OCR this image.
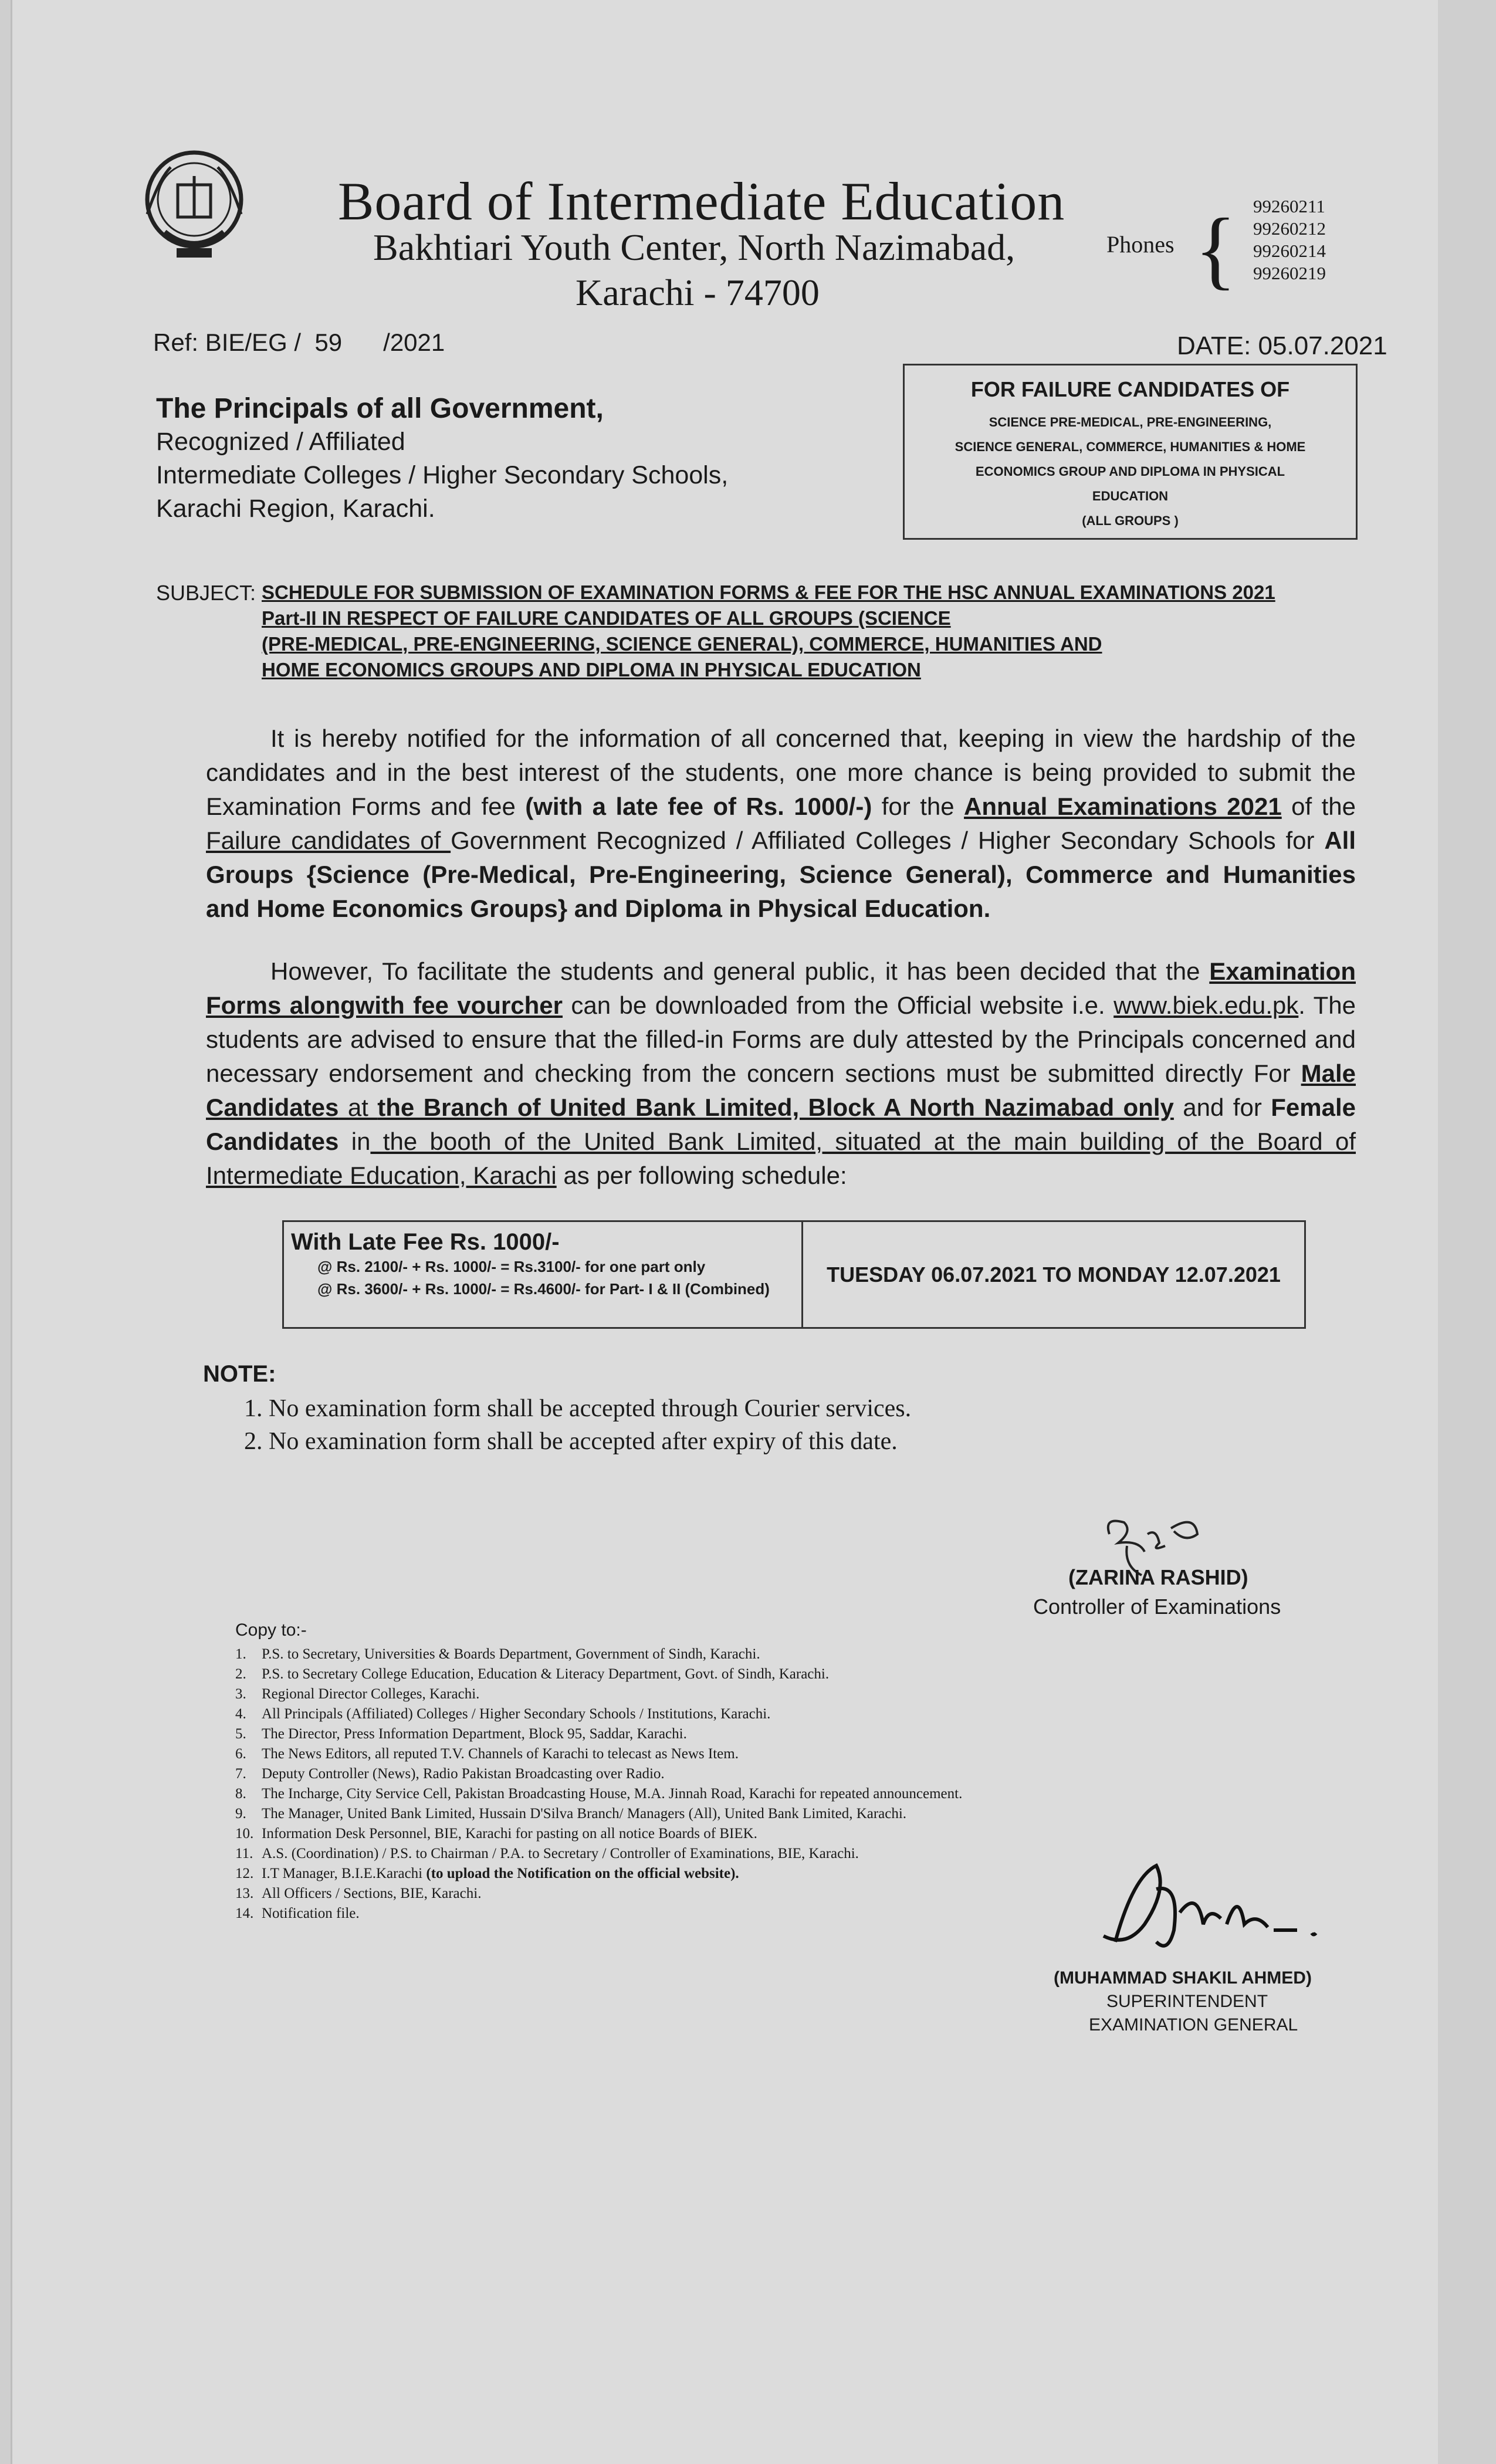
Board of Intermediate Education
Bakhtiari Youth Center, North Nazimabad,
Karachi - 74700
Phones { 99260211
99260212
99260214
99260219
Ref: BIE/EG /  59      /2021	DATE: 05.07.2021
The Principals of all Government,
Recognized / Affiliated
Intermediate Colleges / Higher Secondary Schools,
Karachi Region, Karachi.
FOR FAILURE CANDIDATES OF
SCIENCE PRE-MEDICAL, PRE-ENGINEERING,
SCIENCE GENERAL, COMMERCE, HUMANITIES & HOME
ECONOMICS GROUP AND DIPLOMA IN PHYSICAL
EDUCATION
(ALL GROUPS )
SUBJECT: SCHEDULE FOR SUBMISSION OF EXAMINATION FORMS & FEE FOR THE HSC ANNUAL EXAMINATIONS 2021
Part-II IN RESPECT OF FAILURE CANDIDATES OF ALL GROUPS (SCIENCE
(PRE-MEDICAL, PRE-ENGINEERING, SCIENCE GENERAL), COMMERCE, HUMANITIES AND
HOME ECONOMICS GROUPS AND DIPLOMA IN PHYSICAL EDUCATION
It is hereby notified for the information of all concerned that, keeping in view the hardship of the candidates and in the best interest of the students, one more chance is being provided to submit the Examination Forms and fee (with a late fee of Rs. 1000/-) for the Annual Examinations 2021 of the Failure candidates of Government Recognized / Affiliated Colleges / Higher Secondary Schools for All Groups {Science (Pre-Medical, Pre-Engineering, Science General), Commerce and Humanities and Home Economics Groups} and Diploma in Physical Education.
However, To facilitate the students and general public, it has been decided that the Examination Forms alongwith fee vourcher can be downloaded from the Official website i.e. www.biek.edu.pk. The students are advised to ensure that the filled-in Forms are duly attested by the Principals concerned and necessary endorsement and checking from the concern sections must be submitted directly For Male Candidates at the Branch of United Bank Limited, Block A North Nazimabad only and for Female Candidates in the booth of the United Bank Limited, situated at the main building of the Board of Intermediate Education, Karachi as per following schedule:
With Late Fee Rs. 1000/-
@ Rs. 2100/- + Rs. 1000/- = Rs.3100/- for one part only
@ Rs. 3600/- + Rs. 1000/- = Rs.4600/- for Part- I & II (Combined)
TUESDAY 06.07.2021 TO MONDAY 12.07.2021
NOTE:
1. No examination form shall be accepted through Courier services.
2. No examination form shall be accepted after expiry of this date.
(ZARINA RASHID)
Controller of Examinations
Copy to:-
1. P.S. to Secretary, Universities & Boards Department, Government of Sindh, Karachi.
2. P.S. to Secretary College Education, Education & Literacy Department, Govt. of Sindh, Karachi.
3. Regional Director Colleges, Karachi.
4. All Principals (Affiliated) Colleges / Higher Secondary Schools / Institutions, Karachi.
5. The Director, Press Information Department, Block 95, Saddar, Karachi.
6. The News Editors, all reputed T.V. Channels of Karachi to telecast as News Item.
7. Deputy Controller (News), Radio Pakistan Broadcasting over Radio.
8. The Incharge, City Service Cell, Pakistan Broadcasting House, M.A. Jinnah Road, Karachi for repeated announcement.
9. The Manager, United Bank Limited, Hussain D'Silva Branch/ Managers (All), United Bank Limited, Karachi.
10. Information Desk Personnel, BIE, Karachi for pasting on all notice Boards of BIEK.
11. A.S. (Coordination) / P.S. to Chairman / P.A. to Secretary / Controller of Examinations, BIE, Karachi.
12. I.T Manager, B.I.E.Karachi (to upload the Notification on the official website).
13. All Officers / Sections, BIE, Karachi.
14. Notification file.
(MUHAMMAD SHAKIL AHMED)
SUPERINTENDENT
EXAMINATION GENERAL
